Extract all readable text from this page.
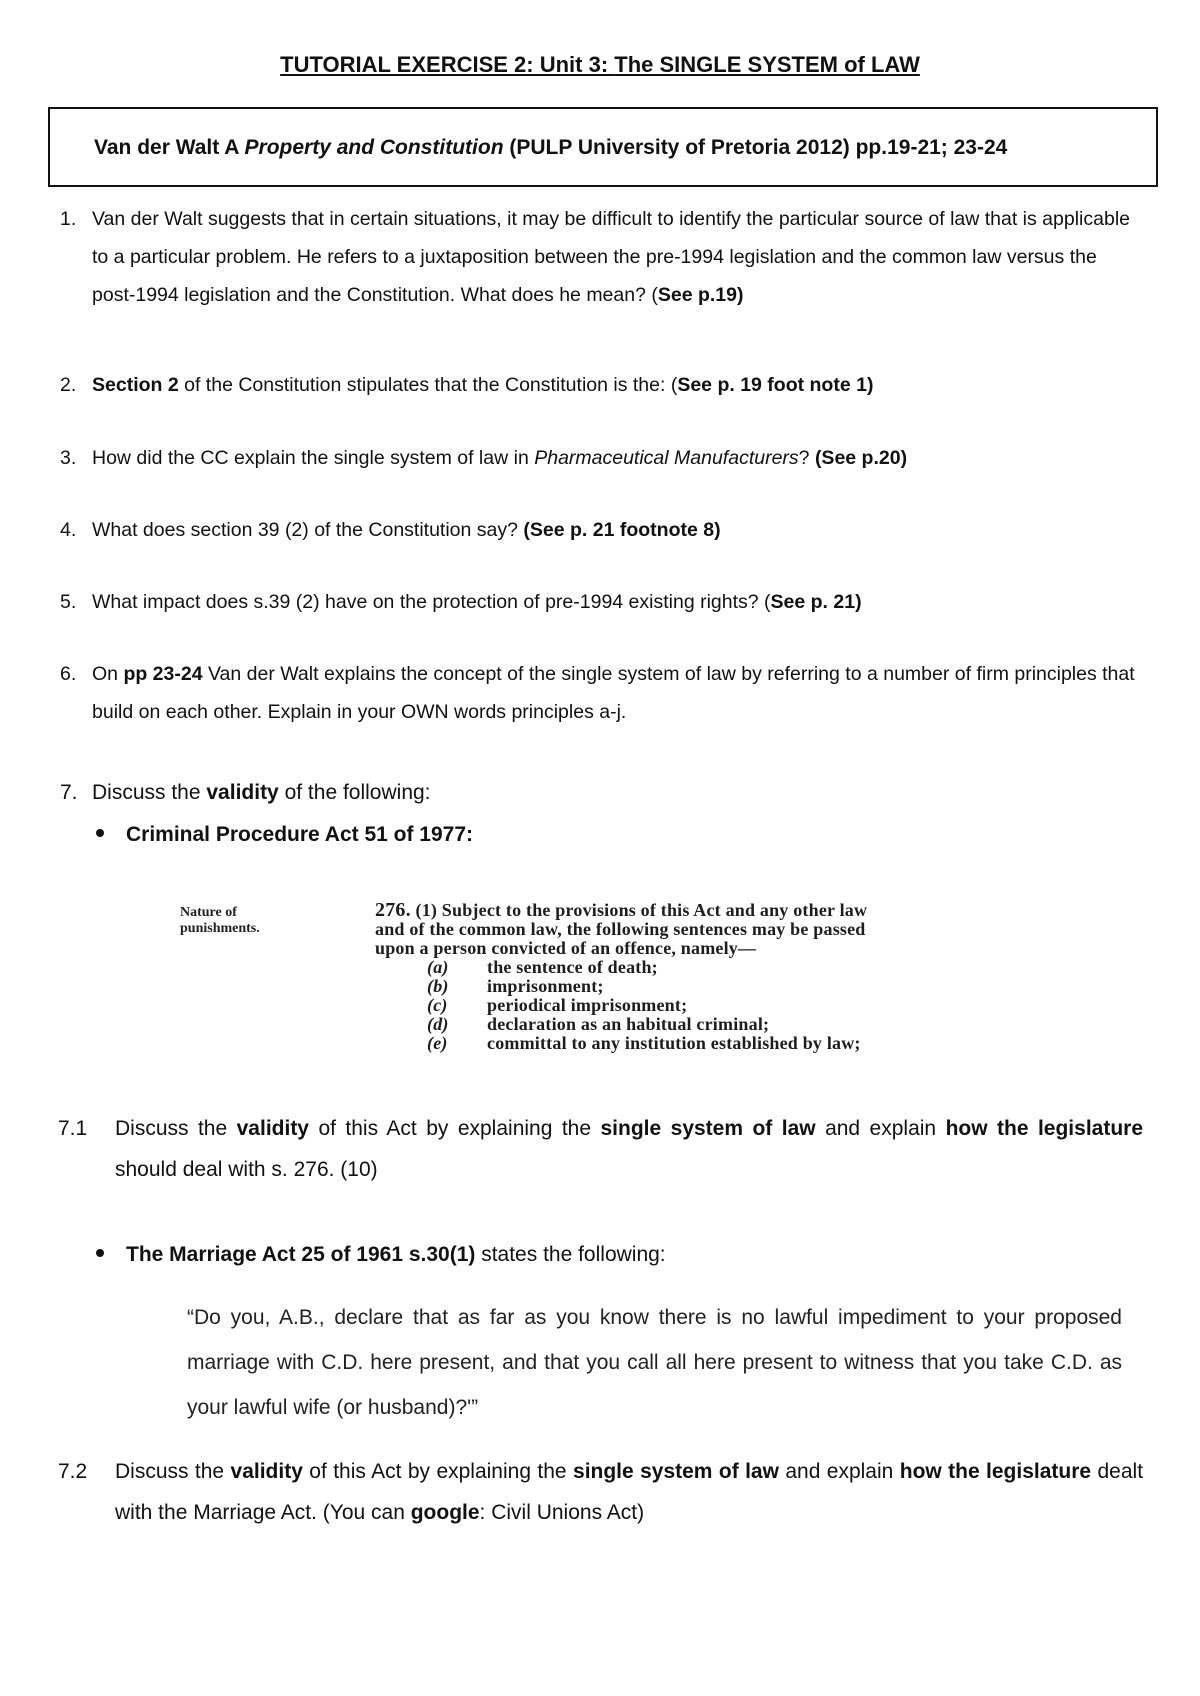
TUTORIAL EXERCISE 2: Unit 3: The SINGLE SYSTEM of LAW
Van der Walt A Property and Constitution (PULP University of Pretoria 2012) pp.19-21; 23-24
1. Van der Walt suggests that in certain situations, it may be difficult to identify the particular source of law that is applicable to a particular problem. He refers to a juxtaposition between the pre-1994 legislation and the common law versus the post-1994 legislation and the Constitution. What does he mean? (See p.19)
2. Section 2 of the Constitution stipulates that the Constitution is the: (See p. 19 foot note 1)
3. How did the CC explain the single system of law in Pharmaceutical Manufacturers? (See p.20)
4. What does section 39 (2) of the Constitution say? (See p. 21 footnote 8)
5. What impact does s.39 (2) have on the protection of pre-1994 existing rights? (See p. 21)
6. On pp 23-24 Van der Walt explains the concept of the single system of law by referring to a number of firm principles that build on each other. Explain in your OWN words principles a-j.
7. Discuss the validity of the following:
Criminal Procedure Act 51 of 1977:
Nature of
punishments.
276. (1) Subject to the provisions of this Act and any other law
and of the common law, the following sentences may be passed
upon a person convicted of an offence, namely—
(a)	the sentence of death;
(b)	imprisonment;
(c)	periodical imprisonment;
(d)	declaration as an habitual criminal;
(e)	committal to any institution established by law;
7.1 Discuss the validity of this Act by explaining the single system of law and explain how the legislature should deal with s. 276. (10)
The Marriage Act 25 of 1961 s.30(1) states the following:
“Do you, A.B., declare that as far as you know there is no lawful impediment to your proposed marriage with C.D. here present, and that you call all here present to witness that you take C.D. as your lawful wife (or husband)?'”
7.2 Discuss the validity of this Act by explaining the single system of law and explain how the legislature dealt with the Marriage Act. (You can google: Civil Unions Act)
